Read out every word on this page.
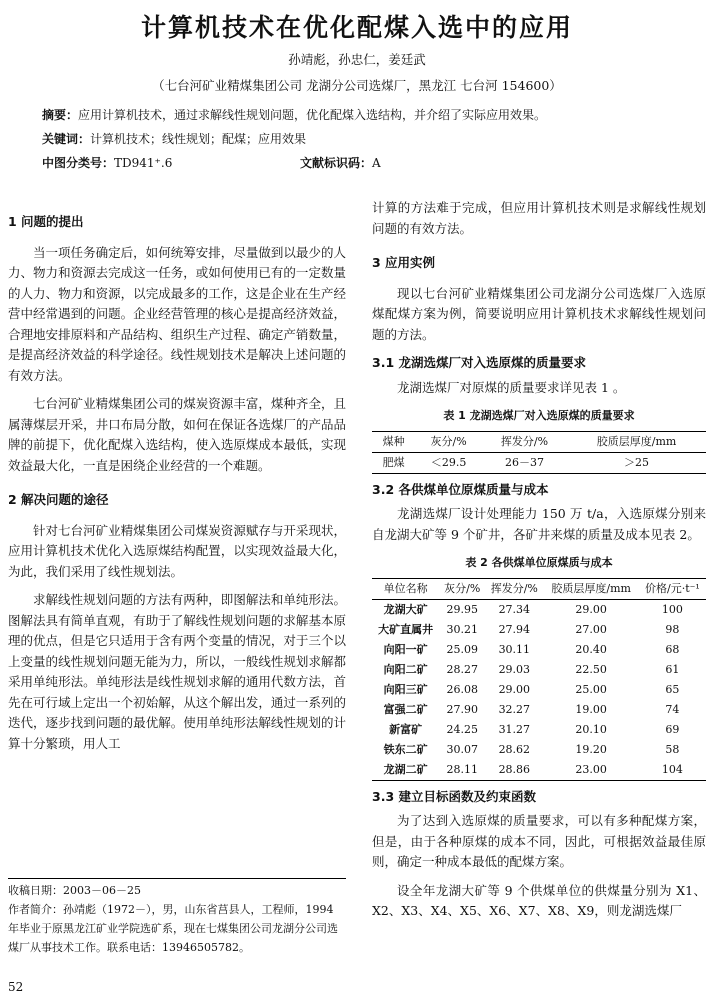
计算机技术在优化配煤入选中的应用
孙靖彪，孙忠仁，姜廷武
（七台河矿业精煤集团公司 龙湖分公司选煤厂，黑龙江 七台河 154600）
摘要：应用计算机技术，通过求解线性规划问题，优化配煤入选结构，并介绍了实际应用效果。
关键词：计算机技术；线性规划；配煤；应用效果
中图分类号：TD941⁺.6	文献标识码：A
1 问题的提出

当一项任务确定后，如何统筹安排，尽量做到以最少的人力、物力和资源去完成这一任务，或如何使用已有的一定数量的人力、物力和资源，以完成最多的工作，这是企业在生产经营中经常遇到的问题。企业经营管理的核心是提高经济效益，合理地安排原料和产品结构、组织生产过程、确定产销数量，是提高经济效益的科学途径。线性规划技术是解决上述问题的有效方法。

七台河矿业精煤集团公司的煤炭资源丰富，煤种齐全，且属薄煤层开采，井口布局分散，如何在保证各选煤厂的产品品牌的前提下，优化配煤入选结构，使入选原煤成本最低，实现效益最大化，一直是困绕企业经营的一个难题。

2 解决问题的途径

针对七台河矿业精煤集团公司煤炭资源赋存与开采现状，应用计算机技术优化入选原煤结构配置，以实现效益最大化，为此，我们采用了线性规划法。

求解线性规划问题的方法有两种，即图解法和单纯形法。图解法具有简单直观，有助于了解线性规划问题的求解基本原理的优点，但是它只适用于含有两个变量的情况，对于三个以上变量的线性规划问题无能为力，所以，一般线性规划求解都采用单纯形法。单纯形法是线性规划求解的通用代数方法，首先在可行域上定出一个初始解，从这个解出发，通过一系列的迭代，逐步找到问题的最优解。使用单纯形法解线性规划的计算十分繁琐，用人工

计算的方法难于完成，但应用计算机技术则是求解线性规划问题的有效方法。

3 应用实例

现以七台河矿业精煤集团公司龙湖分公司选煤厂入选原煤配煤方案为例，简要说明应用计算机技术求解线性规划问题的方法。

3.1 龙湖选煤厂对入选原煤的质量要求

龙湖选煤厂对原煤的质量要求详见表 1 。

表 1 龙湖选煤厂对入选原煤的质量要求
煤种	灰分/%	挥发分/%	胶质层厚度/mm
肥煤	＜29.5	26－37	＞25
3.2 各供煤单位原煤质量与成本

龙湖选煤厂设计处理能力 150 万 t/a，入选原煤分别来自龙湖大矿等 9 个矿井，各矿井来煤的质量及成本见表 2。

表 2 各供煤单位原煤质与成本
单位名称	灰分/%	挥发分/%	胶质层厚度/mm	价格/元·t⁻¹
龙湖大矿	29.95	27.34	29.00	100
大矿直属井	30.21	27.94	27.00	98
向阳一矿	25.09	30.11	20.40	68
向阳二矿	28.27	29.03	22.50	61
向阳三矿	26.08	29.00	25.00	65
富强二矿	27.90	32.27	19.00	74
新富矿	24.25	31.27	20.10	69
铁东二矿	30.07	28.62	19.20	58
龙湖二矿	28.11	28.86	23.00	104
3.3 建立目标函数及约束函数

为了达到入选原煤的质量要求，可以有多种配煤方案，但是，由于各种原煤的成本不同，因此，可根据效益最佳原则，确定一种成本最低的配煤方案。

设全年龙湖大矿等 9 个供煤单位的供煤量分别为 X1、X2、X3、X4、X5、X6、X7、X8、X9，则龙湖选煤厂

收稿日期：2003－06－25
作者简介：孙靖彪（1972－），男，山东省莒县人，工程师，1994 年毕业于原黑龙江矿业学院选矿系，现在七煤集团公司龙湖分公司选煤厂从事技术工作。联系电话：13946505782。
52
